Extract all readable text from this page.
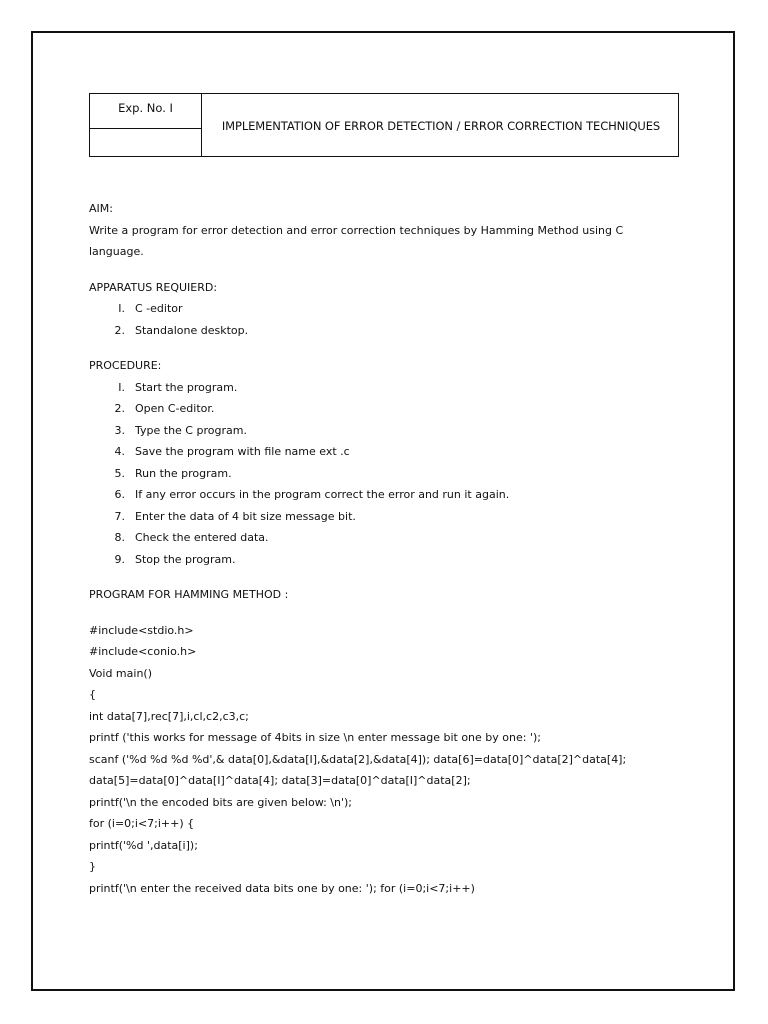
Exp. No. I
IMPLEMENTATION OF ERROR DETECTION / ERROR CORRECTION TECHNIQUES

AIM:

Write a program for error detection and error correction techniques by Hamming Method using C

language.

APPARATUS REQUIERD:

I. C -editor
2. Standalone desktop.

PROCEDURE:

I. Start the program.
2. Open C-editor.
3. Type the C program.
4. Save the program with file name ext .c
5. Run the program.
6. If any error occurs in the program correct the error and run it again.
7. Enter the data of 4 bit size message bit.
8. Check the entered data.
9. Stop the program.

PROGRAM FOR HAMMING METHOD :

#include<stdio.h>

#include<conio.h>

Void main()

{

int data[7],rec[7],i,cl,c2,c3,c;

printf ('this works for message of 4bits in size \n enter message bit one by one: ');

scanf ('%d %d %d %d',& data[0],&data[I],&data[2],&data[4]); data[6]=data[0]^data[2]^data[4];

data[5]=data[0]^data[I]^data[4]; data[3]=data[0]^data[I]^data[2];

printf('\n the encoded bits are given below: \n');

for (i=0;i<7;i++) {

printf('%d ',data[i]);

}

printf('\n enter the received data bits one by one: '); for (i=0;i<7;i++)
